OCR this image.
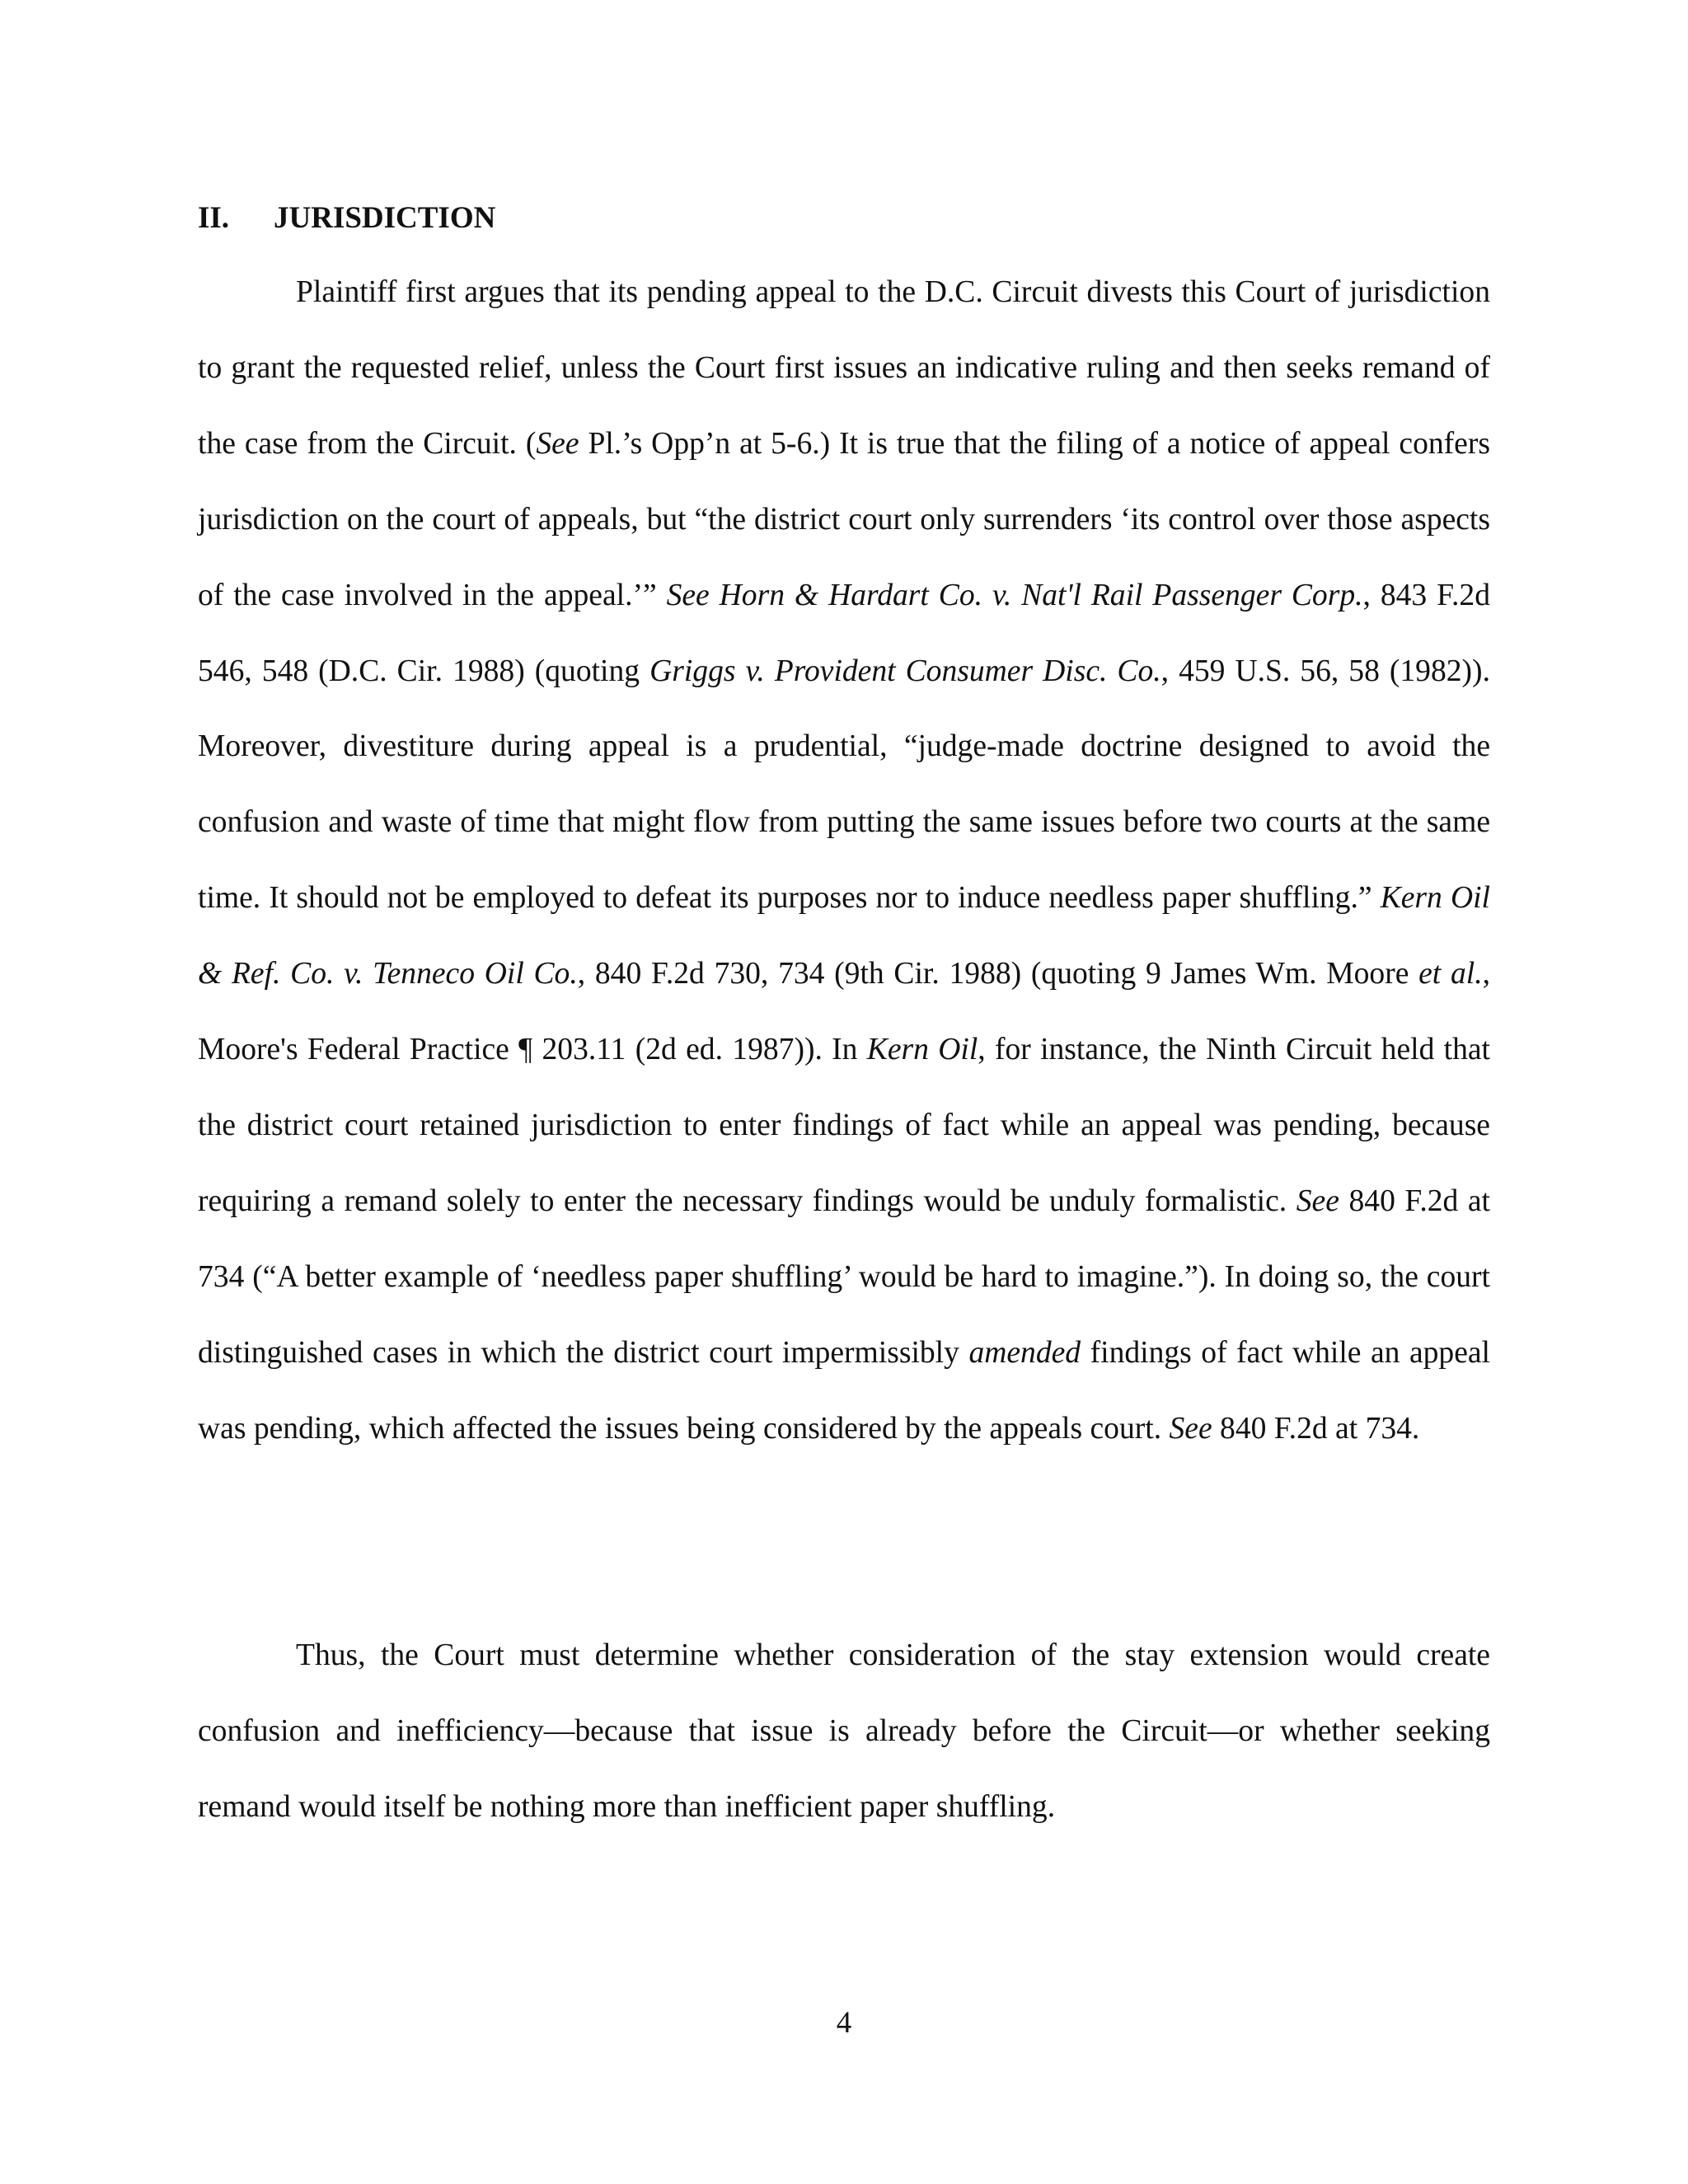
II. JURISDICTION

Plaintiff first argues that its pending appeal to the D.C. Circuit divests this Court of jurisdiction to grant the requested relief, unless the Court first issues an indicative ruling and then seeks remand of the case from the Circuit. (See Pl.’s Opp’n at 5-6.) It is true that the filing of a notice of appeal confers jurisdiction on the court of appeals, but “the district court only surrenders ‘its control over those aspects of the case involved in the appeal.’” See Horn & Hardart Co. v. Nat'l Rail Passenger Corp., 843 F.2d 546, 548 (D.C. Cir. 1988) (quoting Griggs v. Provident Consumer Disc. Co., 459 U.S. 56, 58 (1982)). Moreover, divestiture during appeal is a prudential, “judge-made doctrine designed to avoid the confusion and waste of time that might flow from putting the same issues before two courts at the same time. It should not be employed to defeat its purposes nor to induce needless paper shuffling.” Kern Oil & Ref. Co. v. Tenneco Oil Co., 840 F.2d 730, 734 (9th Cir. 1988) (quoting 9 James Wm. Moore et al., Moore's Federal Practice ¶ 203.11 (2d ed. 1987)). In Kern Oil, for instance, the Ninth Circuit held that the district court retained jurisdiction to enter findings of fact while an appeal was pending, because requiring a remand solely to enter the necessary findings would be unduly formalistic. See 840 F.2d at 734 (“A better example of ‘needless paper shuffling’ would be hard to imagine.”). In doing so, the court distinguished cases in which the district court impermissibly amended findings of fact while an appeal was pending, which affected the issues being considered by the appeals court. See 840 F.2d at 734.

Thus, the Court must determine whether consideration of the stay extension would create confusion and inefficiency—because that issue is already before the Circuit—or whether seeking remand would itself be nothing more than inefficient paper shuffling.

4
